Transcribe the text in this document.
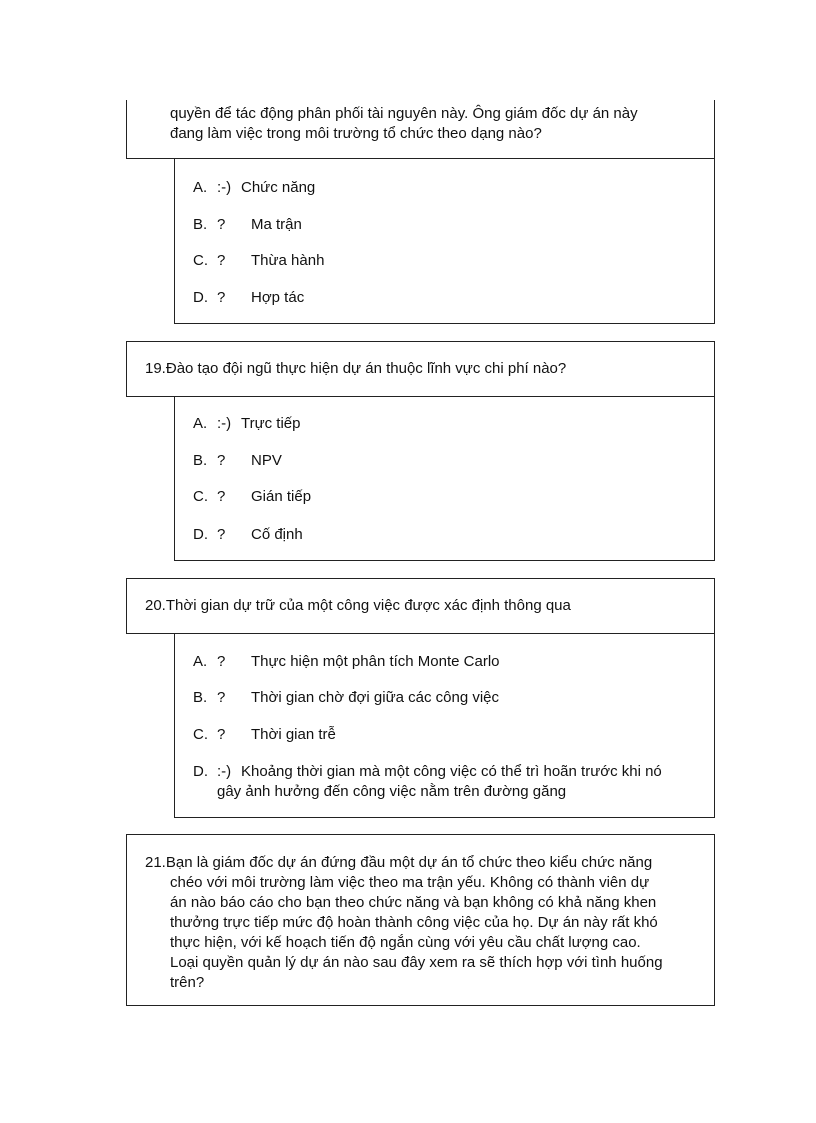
quyền để tác động phân phối tài nguyên này. Ông giám đốc dự án này
đang làm việc trong môi trường tổ chức theo dạng nào?
A. :-) Chức năng
B. ? Ma trận
C. ? Thừa hành
D. ? Hợp tác
19.Đào tạo đội ngũ thực hiện dự án thuộc lĩnh vực chi phí nào?
A. :-) Trực tiếp
B. ? NPV
C. ? Gián tiếp
D. ? Cố định
20.Thời gian dự trữ của một công việc được xác định thông qua
A. ? Thực hiện một phân tích Monte Carlo
B. ? Thời gian chờ đợi giữa các công việc
C. ? Thời gian trễ
D. :-) Khoảng thời gian mà một công việc có thể trì hoãn trước khi nó
gây ảnh hưởng đến công việc nằm trên đường găng
21.Bạn là giám đốc dự án đứng đầu một dự án tổ chức theo kiểu chức năng
chéo với môi trường làm việc theo ma trận yếu. Không có thành viên dự
án nào báo cáo cho bạn theo chức năng và bạn không có khả năng khen
thưởng trực tiếp mức độ hoàn thành công việc của họ. Dự án này rất khó
thực hiện, với kế hoạch tiến độ ngắn cùng với yêu cầu chất lượng cao.
Loại quyền quản lý dự án nào sau đây xem ra sẽ thích hợp với tình huống
trên?
